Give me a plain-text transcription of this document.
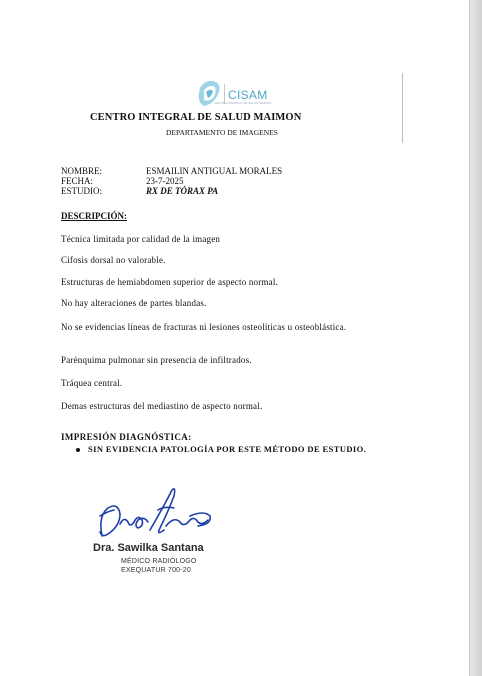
CISAM
CENTRO INTEGRAL DE SALUD MAIMON
CENTRO INTEGRAL DE SALUD MAIMON
DEPARTAMENTO DE IMAGENES
NOMBRE:	ESMAILIN ANTIGUAL MORALES
FECHA:	23-7-2025
ESTUDIO:	RX DE TÓRAX PA
DESCRIPCIÓN:
Técnica limitada por calidad de la imagen
Cifosis dorsal no valorable.
Estructuras de hemiabdomen superior de aspecto normal.
No hay alteraciones de partes blandas.
No se evidencias líneas de fracturas ni lesiones osteolíticas u osteoblástica.
Parènquima pulmonar sin presencia de infiltrados.
Tráquea central.
Demas estructuras del mediastino de aspecto normal.
IMPRESIÓN DIAGNÓSTICA:
SIN EVIDENCIA PATOLOGÍA POR ESTE MÉTODO DE ESTUDIO.
Dra. Sawilka Santana
MÉDICO RADIÓLOGO
EXEQUATUR 700-20
